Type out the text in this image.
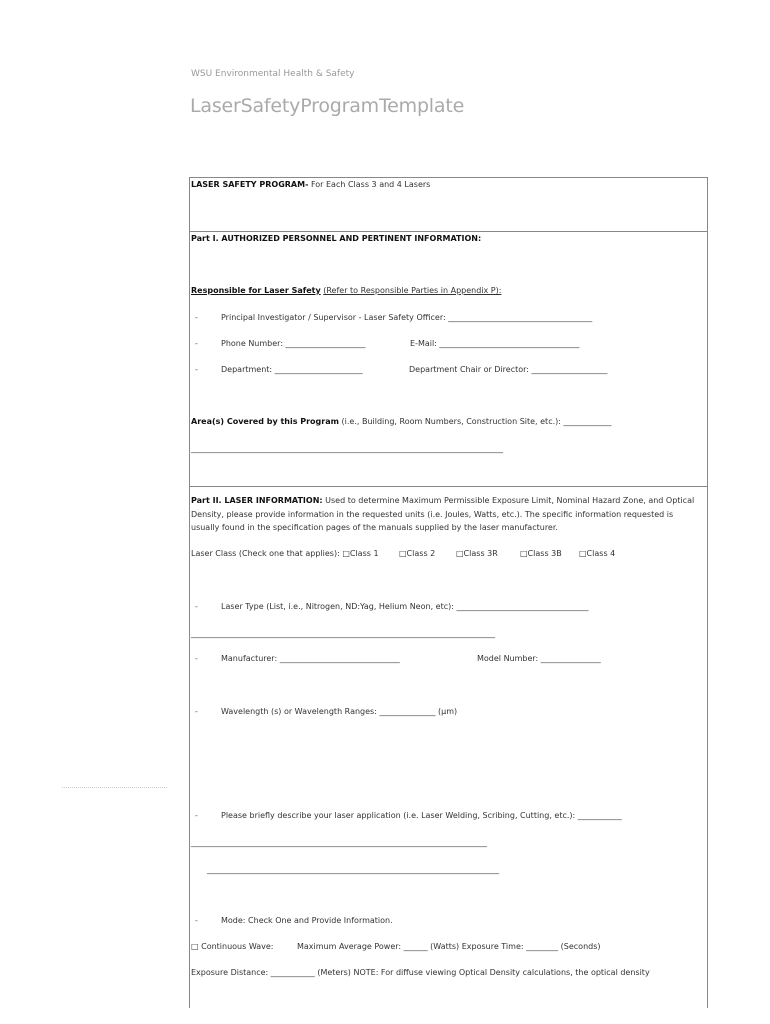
WSU Environmental Health & Safety
LaserSafetyProgramTemplate
LASER SAFETY PROGRAM- For Each Class 3 and 4 Lasers
Part I. AUTHORIZED PERSONNEL AND PERTINENT INFORMATION:
Responsible for Laser Safety (Refer to Responsible Parties in Appendix P):
-	Principal Investigator / Supervisor - Laser Safety Officer: ____________________________________
-	Phone Number: ____________________	E-Mail: ___________________________________
-	Department: ______________________	Department Chair or Director: ___________________
Area(s) Covered by this Program (i.e., Building, Room Numbers, Construction Site, etc.): ____________
______________________________________________________________________________
Part II. LASER INFORMATION: Used to determine Maximum Permissible Exposure Limit, Nominal Hazard Zone, and Optical
Density, please provide information in the requested units (i.e. Joules, Watts, etc.). The specific information requested is
usually found in the specification pages of the manuals supplied by the laser manufacturer.
Laser Class (Check one that applies): □Class 1	□Class 2	□Class 3R	□Class 3B □Class 4
-	Laser Type (List, i.e., Nitrogen, ND:Yag, Helium Neon, etc): _________________________________
____________________________________________________________________________
-	Manufacturer: ______________________________	Model Number: _______________
-	Wavelength (s) or Wavelength Ranges: ______________ (μm)
-	Please briefly describe your laser application (i.e. Laser Welding, Scribing, Cutting, etc.): ___________
__________________________________________________________________________
_________________________________________________________________________
-	Mode: Check One and Provide Information.
□ Continuous Wave:	Maximum Average Power: ______ (Watts) Exposure Time: ________ (Seconds)
Exposure Distance: ___________ (Meters) NOTE: For diffuse viewing Optical Density calculations, the optical density
